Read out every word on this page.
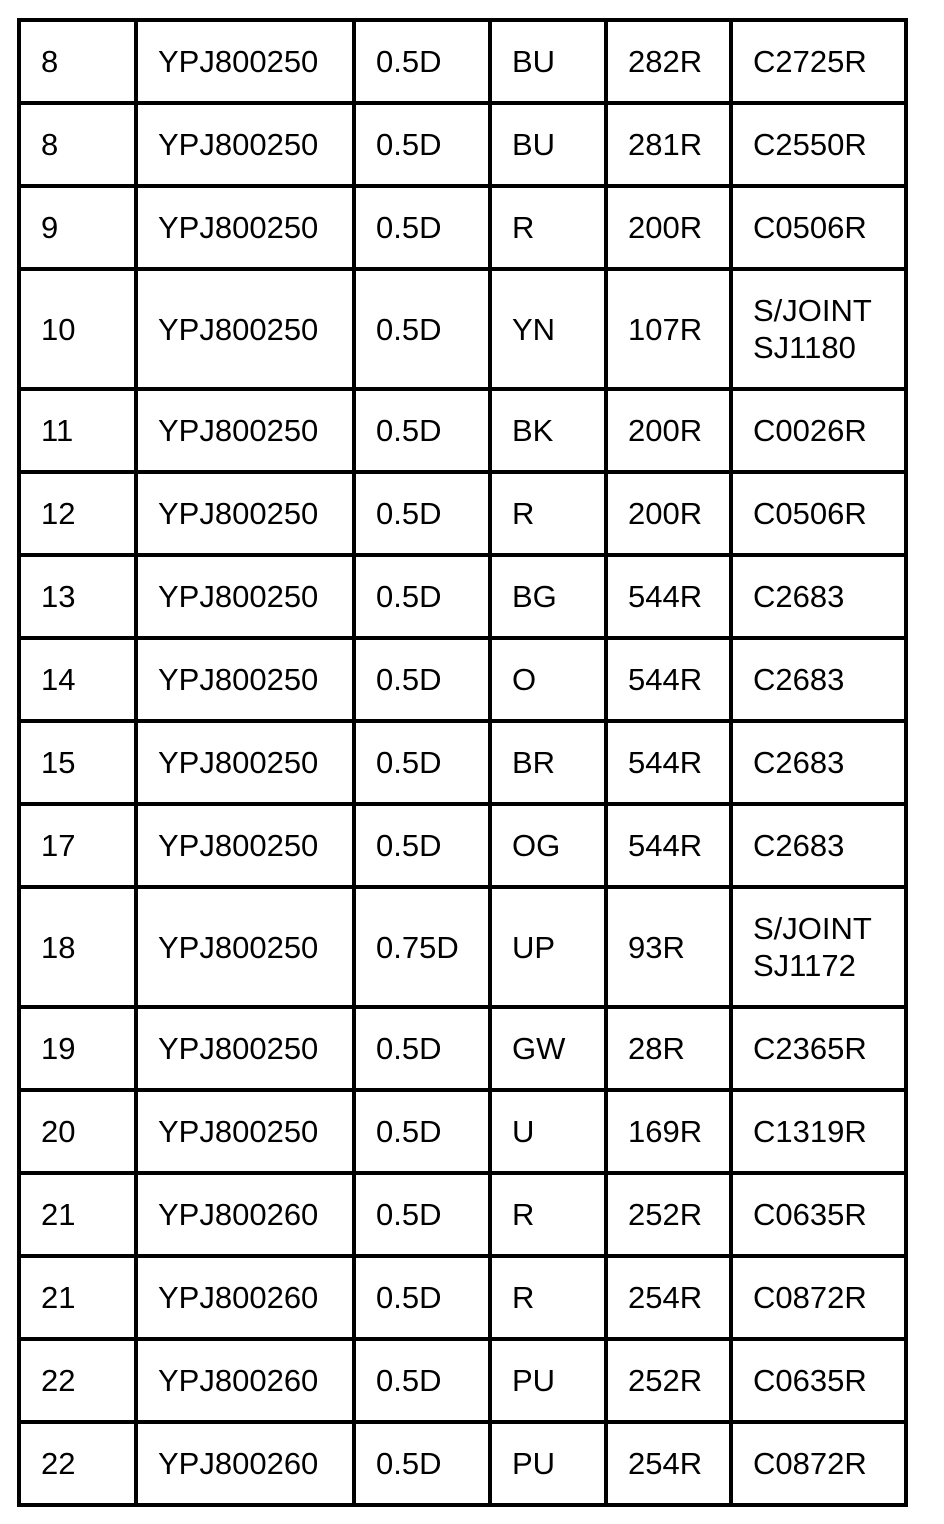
8	YPJ800250	0.5D	BU	282R	C2725R
8	YPJ800250	0.5D	BU	281R	C2550R
9	YPJ800250	0.5D	R	200R	C0506R
10	YPJ800250	0.5D	YN	107R	S/JOINT
SJ1180
11	YPJ800250	0.5D	BK	200R	C0026R
12	YPJ800250	0.5D	R	200R	C0506R
13	YPJ800250	0.5D	BG	544R	C2683
14	YPJ800250	0.5D	O	544R	C2683
15	YPJ800250	0.5D	BR	544R	C2683
17	YPJ800250	0.5D	OG	544R	C2683
18	YPJ800250	0.75D	UP	93R	S/JOINT
SJ1172
19	YPJ800250	0.5D	GW	28R	C2365R
20	YPJ800250	0.5D	U	169R	C1319R
21	YPJ800260	0.5D	R	252R	C0635R
21	YPJ800260	0.5D	R	254R	C0872R
22	YPJ800260	0.5D	PU	252R	C0635R
22	YPJ800260	0.5D	PU	254R	C0872R
